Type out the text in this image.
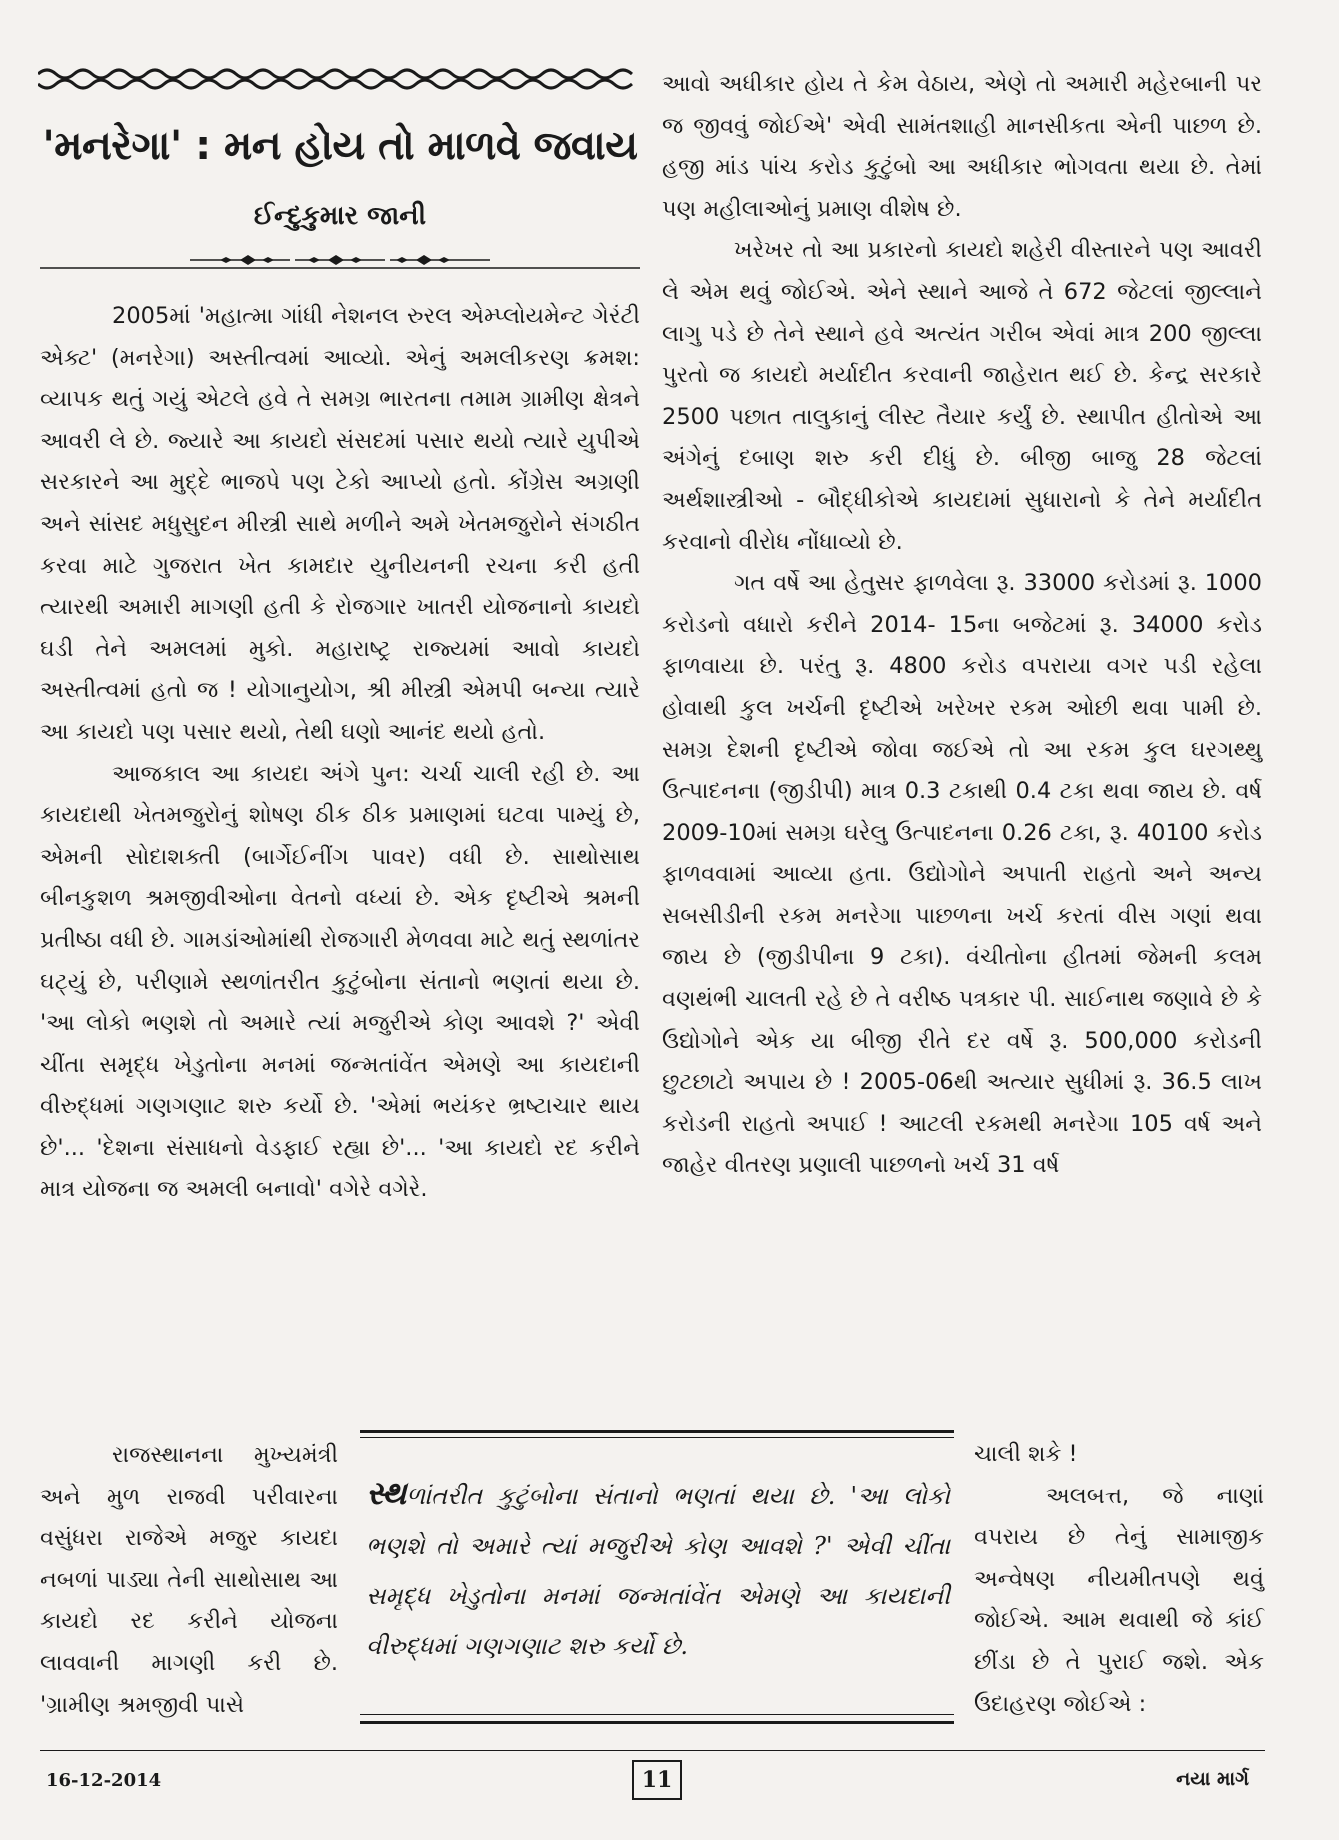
'મનરેગા' : મન હોય તો માળવે જવાય
ઈન્દુકુમાર જાની

2005માં 'મહાત્મા ગાંધી નેશનલ રુરલ એમ્પ્લોયમેન્ટ ગેરંટી એક્ટ' (મનરેગા) અસ્તીત્વમાં આવ્યો. એનું અમલીકરણ ક્રમશ: વ્યાપક થતું ગયું એટલે હવે તે સમગ્ર ભારતના તમામ ગ્રામીણ ક્ષેત્રને આવરી લે છે. જ્યારે આ કાયદો સંસદમાં પસાર થયો ત્યારે યુપીએ સરકારને આ મુદ્દે ભાજપે પણ ટેકો આપ્યો હતો. કોંગ્રેસ અગ્રણી અને સાંસદ મધુસુદન મીસ્ત્રી સાથે મળીને અમે ખેતમજુરોને સંગઠીત કરવા માટે ગુજરાત ખેત કામદાર યુનીયનની રચના કરી હતી ત્યારથી અમારી માગણી હતી કે રોજગાર ખાતરી યોજનાનો કાયદો ઘડી તેને અમલમાં મુકો. મહારાષ્ટ્ર રાજ્યમાં આવો કાયદો અસ્તીત્વમાં હતો જ ! યોગાનુયોગ, શ્રી મીસ્ત્રી એમપી બન્યા ત્યારે આ કાયદો પણ પસાર થયો, તેથી ઘણો આનંદ થયો હતો.

આજકાલ આ કાયદા અંગે પુન: ચર્ચા ચાલી રહી છે. આ કાયદાથી ખેતમજુરોનું શોષણ ઠીક ઠીક પ્રમાણમાં ઘટવા પામ્યું છે, એમની સોદાશક્તી (બાર્ગેઈનીંગ પાવર) વધી છે. સાથોસાથ બીનકુશળ શ્રમજીવીઓના વેતનો વધ્યાં છે. એક દૃષ્ટીએ શ્રમની પ્રતીષ્ઠા વધી છે. ગામડાંઓમાંથી રોજગારી મેળવવા માટે થતું સ્થળાંતર ઘટ્યું છે, પરીણામે સ્થળાંતરીત કુટુંબોના સંતાનો ભણતાં થયા છે. 'આ લોકો ભણશે તો અમારે ત્યાં મજુરીએ કોણ આવશે ?' એવી ચીંતા સમૃદ્ધ ખેડુતોના મનમાં જન્મતાંવેંત એમણે આ કાયદાની વીરુદ્ધમાં ગણગણાટ શરુ કર્યો છે. 'એમાં ભયંકર ભ્રષ્ટાચાર થાય છે'... 'દેશના સંસાધનો વેડફાઈ રહ્યા છે'... 'આ કાયદો રદ કરીને માત્ર યોજના જ અમલી બનાવો' વગેરે વગેરે.

રાજસ્થાનના મુખ્યમંત્રી અને મુળ રાજવી પરીવારના વસુંધરા રાજેએ મજુર કાયદા નબળાં પાડ્યા તેની સાથોસાથ આ કાયદો રદ કરીને યોજના લાવવાની માગણી કરી છે. 'ગ્રામીણ શ્રમજીવી પાસે

આવો અધીકાર હોય તે કેમ વેઠાય, એણે તો અમારી મહેરબાની પર જ જીવવું જોઈએ' એવી સામંતશાહી માનસીકતા એની પાછળ છે. હજી માંડ પાંચ કરોડ કુટુંબો આ અધીકાર ભોગવતા થયા છે. તેમાં પણ મહીલાઓનું પ્રમાણ વીશેષ છે.

ખરેખર તો આ પ્રકારનો કાયદો શહેરી વીસ્તારને પણ આવરી લે એમ થવું જોઈએ. એને સ્થાને આજે તે 672 જેટલાં જીલ્લાને લાગુ પડે છે તેને સ્થાને હવે અત્યંત ગરીબ એવાં માત્ર 200 જીલ્લા પુરતો જ કાયદો મર્યાદીત કરવાની જાહેરાત થઈ છે. કેન્દ્ર સરકારે 2500 પછાત તાલુકાનું લીસ્ટ તૈયાર કર્યું છે. સ્થાપીત હીતોએ આ અંગેનું દબાણ શરુ કરી દીધું છે. બીજી બાજુ 28 જેટલાં અર્થશાસ્ત્રીઓ - બૌદ્ધીકોએ કાયદામાં સુધારાનો કે તેને મર્યાદીત કરવાનો વીરોધ નોંધાવ્યો છે.

ગત વર્ષે આ હેતુસર ફાળવેલા રૂ. 33000 કરોડમાં રૂ. 1000 કરોડનો વધારો કરીને 2014- 15ના બજેટમાં રૂ. 34000 કરોડ ફાળવાયા છે. પરંતુ રૂ. 4800 કરોડ વપરાયા વગર પડી રહેલા હોવાથી કુલ ખર્ચની દૃષ્ટીએ ખરેખર રકમ ઓછી થવા પામી છે. સમગ્ર દેશની દૃષ્ટીએ જોવા જઈએ તો આ રકમ કુલ ઘરગથ્થુ ઉત્પાદનના (જીડીપી) માત્ર 0.3 ટકાથી 0.4 ટકા થવા જાય છે. વર્ષ 2009-10માં સમગ્ર ઘરેલુ ઉત્પાદનના 0.26 ટકા, રૂ. 40100 કરોડ ફાળવવામાં આવ્યા હતા. ઉદ્યોગોને અપાતી રાહતો અને અન્ય સબસીડીની રકમ મનરેગા પાછળના ખર્ચ કરતાં વીસ ગણાં થવા જાય છે (જીડીપીના 9 ટકા). વંચીતોના હીતમાં જેમની કલમ વણથંભી ચાલતી રહે છે તે વરીષ્ઠ પત્રકાર પી. સાઈનાથ જણાવે છે કે ઉદ્યોગોને એક યા બીજી રીતે દર વર્ષે રૂ. 500,000 કરોડની છુટછાટો અપાય છે ! 2005-06થી અત્યાર સુધીમાં રૂ. 36.5 લાખ કરોડની રાહતો અપાઈ ! આટલી રકમથી મનરેગા 105 વર્ષ અને જાહેર વીતરણ પ્રણાલી પાછળનો ખર્ચ 31 વર્ષ

ચાલી શકે !

અલબત્ત, જે નાણાં વપરાય છે તેનું સામાજીક અન્વેષણ નીયમીતપણે થવું જોઈએ. આમ થવાથી જે કાંઈ છીંડા છે તે પુરાઈ જશે. એક ઉદાહરણ જોઈએ :

સ્થળાંતરીત કુટુંબોના સંતાનો ભણતાં થયા છે. 'આ લોકો ભણશે તો અમારે ત્યાં મજુરીએ કોણ આવશે ?' એવી ચીંતા સમૃદ્ધ ખેડુતોના મનમાં જન્મતાંવેંત એમણે આ કાયદાની વીરુદ્ધમાં ગણગણાટ શરુ કર્યો છે.
16-12-2014	11	નયા માર્ગ
